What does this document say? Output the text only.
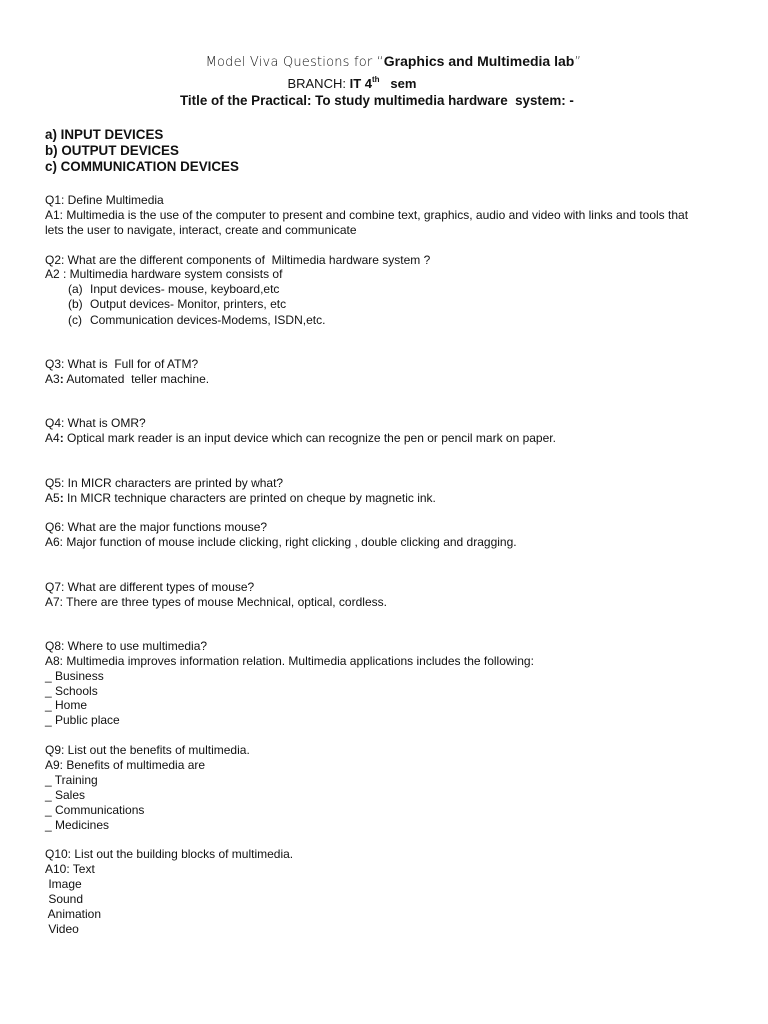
Model Viva Questions for “Graphics and Multimedia lab”

BRANCH: IT 4th   sem

Title of the Practical: To study multimedia hardware  system: -
a) INPUT DEVICES
b) OUTPUT DEVICES
c) COMMUNICATION DEVICES
Q1: Define Multimedia
A1: Multimedia is the use of the computer to present and combine text, graphics, audio and video with links and tools that
lets the user to navigate, interact, create and communicate
Q2: What are the different components of  Miltimedia hardware system ?
A2 : Multimedia hardware system consists of
(a) Input devices- mouse, keyboard,etc
(b) Output devices- Monitor, printers, etc
(c) Communication devices-Modems, ISDN,etc.
Q3: What is  Full for of ATM?
A3: Automated  teller machine.
Q4: What is OMR?
A4: Optical mark reader is an input device which can recognize the pen or pencil mark on paper.
Q5: In MICR characters are printed by what?
A5: In MICR technique characters are printed on cheque by magnetic ink.
Q6: What are the major functions mouse?
A6: Major function of mouse include clicking, right clicking , double clicking and dragging.
Q7: What are different types of mouse?
A7: There are three types of mouse Mechnical, optical, cordless.
Q8: Where to use multimedia?
A8: Multimedia improves information relation. Multimedia applications includes the following:
_ Business
_ Schools
_ Home
_ Public place
Q9: List out the benefits of multimedia.
A9: Benefits of multimedia are
_ Training
_ Sales
_ Communications
_ Medicines
Q10: List out the building blocks of multimedia.
A10: Text
Image
Sound
Animation
Video
